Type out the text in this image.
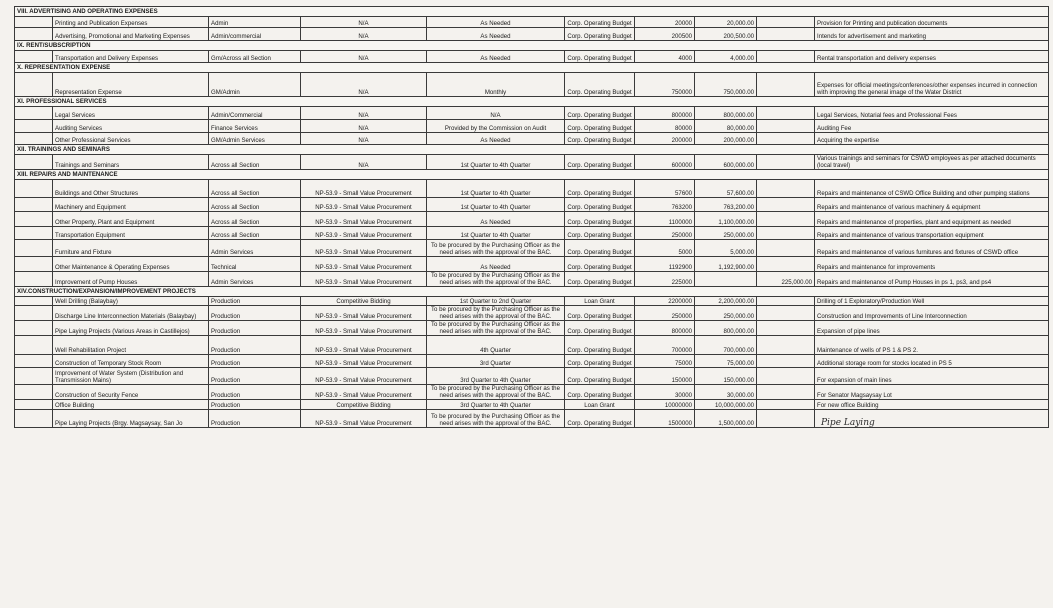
VIII. ADVERTISING AND OPERATING EXPENSES									
	Printing and Publication Expenses	Admin	N/A	As Needed	Corp. Operating Budget	20000	20,000.00		Provision for Printing and publication documents
	Advertising, Promotional and Marketing Expenses	Admin/commercial	N/A	As Needed	Corp. Operating Budget	200500	200,500.00		Intends for advertisement and marketing
IX. RENT/SUBSCRIPTION									
	Transportation and Delivery Expenses	Gm/Across all Section	N/A	As Needed	Corp. Operating Budget	4000	4,000.00		Rental transportation and delivery expenses
X. REPRESENTATION EXPENSE									
	Representation Expense	GM/Admin	N/A	Monthly	Corp. Operating Budget	750000	750,000.00		Expenses for official meetings/conferences/other expenses incurred in connection with improving the general image of the Water District
XI. PROFESSIONAL SERVICES									
	Legal Services	Admin/Commercial	N/A	N/A	Corp. Operating Budget	800000	800,000.00		Legal Services, Notarial fees and Professional Fees
	Auditing Services	Finance Services	N/A	Provided by the Commission on Audit	Corp. Operating Budget	80000	80,000.00		Auditing Fee
	Other Professional Services	GM/Admin Services	N/A	As Needed	Corp. Operating Budget	200000	200,000.00		Acquiring the expertise
XII. TRAININGS AND SEMINARS									
	Trainings and Seminars	Across all Section	N/A	1st Quarter to 4th Quarter	Corp. Operating Budget	600000	600,000.00		Various trainings and seminars for CSWD employees as per attached documents (local travel)
XIII. REPAIRS AND MAINTENANCE									
	Buildings and Other Structures	Across all Section	NP-53.9 - Small Value Procurement	1st Quarter to 4th Quarter	Corp. Operating Budget	57600	57,600.00		Repairs and maintenance of CSWD Office Building and other pumping stations
	Machinery and Equipment	Across all Section	NP-53.9 - Small Value Procurement	1st Quarter to 4th Quarter	Corp. Operating Budget	763200	763,200.00		Repairs and maintenance of various machinery & equipment
	Other Property, Plant and Equipment	Across all Section	NP-53.9 - Small Value Procurement	As Needed	Corp. Operating Budget	1100000	1,100,000.00		Repairs and maintenance of properties, plant and equipment as needed
	Transportation Equipment	Across all Section	NP-53.9 - Small Value Procurement	1st Quarter to 4th Quarter	Corp. Operating Budget	250000	250,000.00		Repairs and maintenance of various transportation equipment
	Furniture and Fixture	Admin Services	NP-53.9 - Small Value Procurement	To be procured by the Purchasing Officer as the need arises with the approval of the BAC.	Corp. Operating Budget	5000	5,000.00		Repairs and maintenance of various furnitures and fixtures of CSWD office
	Other Maintenance & Operating Expenses	Technical	NP-53.9 - Small Value Procurement	As Needed	Corp. Operating Budget	1192900	1,192,900.00		Repairs and maintenance for improvements
	Improvement of Pump Houses	Admin Services	NP-53.9 - Small Value Procurement	To be procured by the Purchasing Officer as the need arises with the approval of the BAC.	Corp. Operating Budget	225000		225,000.00	Repairs and maintenance of Pump Houses in ps 1, ps3, and ps4
XIV.CONSTRUCTION/EXPANSION/IMPROVEMENT PROJECTS									
	Well Drilling (Balaybay)	Production	Competitive Bidding	1st Quarter to 2nd Quarter	Loan Grant	2200000	2,200,000.00		Drilling of 1 Exploratory/Production Well
	Discharge Line Interconnection Materials (Balaybay)	Production	NP-53.9 - Small Value Procurement	To be procured by the Purchasing Officer as the need arises with the approval of the BAC.	Corp. Operating Budget	250000	250,000.00		Construction and Improvements of Line Interconnection
	Pipe Laying Projects (Various Areas in Castillejos)	Production	NP-53.9 - Small Value Procurement	To be procured by the Purchasing Officer as the need arises with the approval of the BAC.	Corp. Operating Budget	800000	800,000.00		Expansion of pipe lines
	Well Rehabilitation Project	Production	NP-53.9 - Small Value Procurement	4th Quarter	Corp. Operating Budget	700000	700,000.00		Maintenance of wells of PS 1 & PS 2.
	Construction of Temporary Stock Room	Production	NP-53.9 - Small Value Procurement	3rd Quarter	Corp. Operating Budget	75000	75,000.00		Additional storage room for stocks located in PS 5
	Improvement of Water System (Distribution and Transmission Mains)	Production	NP-53.9 - Small Value Procurement	3rd Quarter to 4th Quarter	Corp. Operating Budget	150000	150,000.00		For expansion of main lines
	Construction of Security Fence	Production	NP-53.9 - Small Value Procurement	To be procured by the Purchasing Officer as the need arises with the approval of the BAC.	Corp. Operating Budget	30000	30,000.00		For Senator Magsaysay Lot
	Office Building	Production	Competitive Bidding	3rd Quarter to 4th Quarter	Loan Grant	10000000	10,000,000.00		For new office Building
	Pipe Laying Projects (Brgy. Magsaysay, San Jo	Production	NP-53.9 - Small Value Procurement	To be procured by the Purchasing Officer as the need arises with the approval of the BAC.	Corp. Operating Budget	1500000	1,500,000.00		Pipe Laying
